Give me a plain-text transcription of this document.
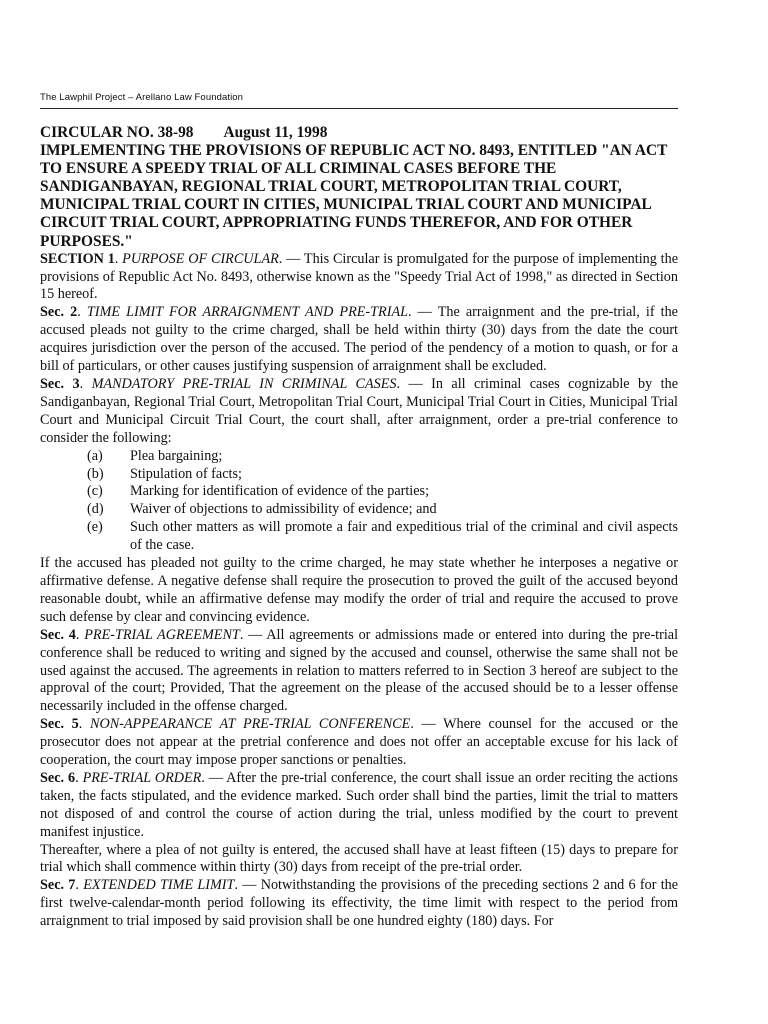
The Lawphil Project – Arellano Law Foundation
CIRCULAR NO. 38-98 August 11, 1998
IMPLEMENTING THE PROVISIONS OF REPUBLIC ACT NO. 8493, ENTITLED "AN ACT TO ENSURE A SPEEDY TRIAL OF ALL CRIMINAL CASES BEFORE THE SANDIGANBAYAN, REGIONAL TRIAL COURT, METROPOLITAN TRIAL COURT, MUNICIPAL TRIAL COURT IN CITIES, MUNICIPAL TRIAL COURT AND MUNICIPAL CIRCUIT TRIAL COURT, APPROPRIATING FUNDS THEREFOR, AND FOR OTHER PURPOSES."

SECTION 1. PURPOSE OF CIRCULAR. — This Circular is promulgated for the purpose of implementing the provisions of Republic Act No. 8493, otherwise known as the "Speedy Trial Act of 1998," as directed in Section 15 hereof.

Sec. 2. TIME LIMIT FOR ARRAIGNMENT AND PRE-TRIAL. — The arraignment and the pre-trial, if the accused pleads not guilty to the crime charged, shall be held within thirty (30) days from the date the court acquires jurisdiction over the person of the accused. The period of the pendency of a motion to quash, or for a bill of particulars, or other causes justifying suspension of arraignment shall be excluded.

Sec. 3. MANDATORY PRE-TRIAL IN CRIMINAL CASES. — In all criminal cases cognizable by the Sandiganbayan, Regional Trial Court, Metropolitan Trial Court, Municipal Trial Court in Cities, Municipal Trial Court and Municipal Circuit Trial Court, the court shall, after arraignment, order a pre-trial conference to consider the following:

(a) Plea bargaining;
(b) Stipulation of facts;
(c) Marking for identification of evidence of the parties;
(d) Waiver of objections to admissibility of evidence; and
(e) Such other matters as will promote a fair and expeditious trial of the criminal and civil aspects of the case.

If the accused has pleaded not guilty to the crime charged, he may state whether he interposes a negative or affirmative defense. A negative defense shall require the prosecution to proved the guilt of the accused beyond reasonable doubt, while an affirmative defense may modify the order of trial and require the accused to prove such defense by clear and convincing evidence.

Sec. 4. PRE-TRIAL AGREEMENT. — All agreements or admissions made or entered into during the pre-trial conference shall be reduced to writing and signed by the accused and counsel, otherwise the same shall not be used against the accused. The agreements in relation to matters referred to in Section 3 hereof are subject to the approval of the court; Provided, That the agreement on the please of the accused should be to a lesser offense necessarily included in the offense charged.

Sec. 5. NON-APPEARANCE AT PRE-TRIAL CONFERENCE. — Where counsel for the accused or the prosecutor does not appear at the pretrial conference and does not offer an acceptable excuse for his lack of cooperation, the court may impose proper sanctions or penalties.

Sec. 6. PRE-TRIAL ORDER. — After the pre-trial conference, the court shall issue an order reciting the actions taken, the facts stipulated, and the evidence marked. Such order shall bind the parties, limit the trial to matters not disposed of and control the course of action during the trial, unless modified by the court to prevent manifest injustice.

Thereafter, where a plea of not guilty is entered, the accused shall have at least fifteen (15) days to prepare for trial which shall commence within thirty (30) days from receipt of the pre-trial order.

Sec. 7. EXTENDED TIME LIMIT. — Notwithstanding the provisions of the preceding sections 2 and 6 for the first twelve-calendar-month period following its effectivity, the time limit with respect to the period from arraignment to trial imposed by said provision shall be one hundred eighty (180) days. For
